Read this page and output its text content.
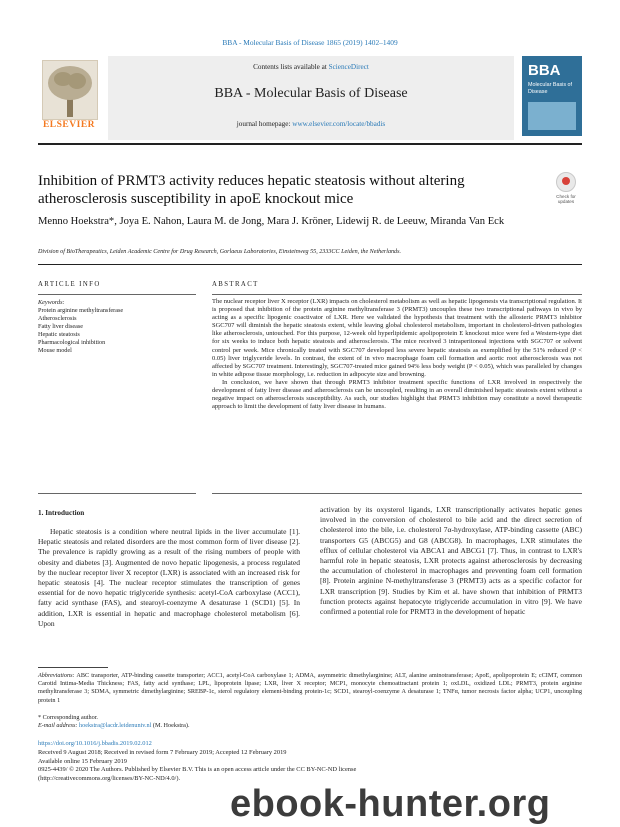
BBA - Molecular Basis of Disease 1865 (2019) 1402–1409
ELSEVIER
Contents lists available at ScienceDirect
BBA - Molecular Basis of Disease
journal homepage: www.elsevier.com/locate/bbadis
BBA
Molecular Basis of Disease
Inhibition of PRMT3 activity reduces hepatic steatosis without altering atherosclerosis susceptibility in apoE knockout mice	Check for updates
Menno Hoekstra*, Joya E. Nahon, Laura M. de Jong, Mara J. Kröner, Lidewij R. de Leeuw, Miranda Van Eck
Division of BioTherapeutics, Leiden Academic Centre for Drug Research, Gorlaeus Laboratories, Einsteinweg 55, 2333CC Leiden, the Netherlands.
ARTICLE INFO	ABSTRACT
Keywords:
Protein arginine methyltransferase
Atherosclerosis
Fatty liver disease
Hepatic steatosis
Pharmacological inhibition
Mouse model

The nuclear receptor liver X receptor (LXR) impacts on cholesterol metabolism as well as hepatic lipogenesis via transcriptional regulation. It is proposed that inhibition of the protein arginine methyltransferase 3 (PRMT3) uncouples these two transcriptional pathways in vivo by acting as a specific lipogenic coactivator of LXR. Here we validated the hypothesis that treatment with the allosteric PRMT3 inhibitor SGC707 will diminish the hepatic steatosis extent, while leaving global cholesterol metabolism, important in cholesterol-driven pathologies like atherosclerosis, untouched. For this purpose, 12-week old hyperlipidemic apolipoprotein E knockout mice were fed a Western-type diet for six weeks to induce both hepatic steatosis and atherosclerosis. The mice received 3 intraperitoneal injections with SGC707 or solvent control per week. Mice chronically treated with SGC707 developed less severe hepatic steatosis as exemplified by the 51% reduced (P < 0.05) liver triglyceride levels. In contrast, the extent of in vivo macrophage foam cell formation and aortic root atherosclerosis was not affected by SGC707 treatment. Interestingly, SGC707-treated mice gained 94% less body weight (P < 0.05), which was paralleled by changes in white adipose tissue morphology, i.e. reduction in adipocyte size and browning.

In conclusion, we have shown that through PRMT3 inhibitor treatment specific functions of LXR involved in respectively the development of fatty liver disease and atherosclerosis can be uncoupled, resulting in an overall diminished hepatic steatosis extent without a negative impact on atherosclerosis susceptibility. As such, our studies highlight that PRMT3 inhibition may constitute a novel therapeutic approach to limit the development of fatty liver disease in humans.

1. Introduction

Hepatic steatosis is a condition where neutral lipids in the liver accumulate [1]. Hepatic steatosis and related disorders are the most common form of liver disease [2]. The prevalence is rapidly growing as a result of the rising numbers of people with obesity and diabetes [3]. Augmented de novo hepatic lipogenesis, a process regulated by the nuclear receptor liver X receptor (LXR) is associated with an increased risk for hepatic steatosis [4]. The nuclear receptor stimulates the transcription of genes essential for de novo hepatic triglyceride synthesis: acetyl-CoA carboxylase (ACC1), fatty acid synthase (FAS), and stearoyl-coenzyme A desaturase 1 (SCD1) [5]. In addition, LXR is essential in hepatic and macrophage cholesterol metabolism [6]. Upon

activation by its oxysterol ligands, LXR transcriptionally activates hepatic genes involved in the conversion of cholesterol to bile acid and the direct secretion of cholesterol into the bile, i.e. cholesterol 7α-hydroxylase, ATP-binding cassette (ABC) transporters G5 (ABCG5) and G8 (ABCG8). In macrophages, LXR stimulates the efflux of cellular cholesterol via ABCA1 and ABCG1 [7]. Thus, in contrast to LXR's harmful role in hepatic steatosis, LXR protects against atherosclerosis by decreasing the accumulation of cholesterol in macrophages and preventing foam cell formation [8]. Protein arginine N-methyltransferase 3 (PRMT3) acts as a specific cofactor for LXR transcription [9]. Studies by Kim et al. have shown that inhibition of PRMT3 function protects against hepatocyte triglyceride accumulation in vitro [9]. We have confirmed a potential role for PRMT3 in the development of hepatic

Abbreviations: ABC transporter, ATP-binding cassette transporter; ACC1, acetyl-CoA carboxylase 1; ADMA, asymmetric dimethylarginine; ALT, alanine aminotransferase; ApoE, apolipoprotein E; cCIMT, common Carotid Intima-Media Thickness; FAS, fatty acid synthase; LPL, lipoprotein lipase; LXR, liver X receptor; MCP1, monocyte chemoattractant protein 1; oxLDL, oxidized LDL; PRMT3, protein arginine methyltransferase 3; SDMA, symmetric dimethylarginine; SREBP-1c, sterol regulatory element-binding protein-1c; SCD1, stearoyl-coenzyme A desaturase 1; TNFα, tumor necrosis factor alpha; UCP1, uncoupling protein 1
* Corresponding author.
E-mail address: hoekstra@lacdr.leidenuniv.nl (M. Hoekstra).
https://doi.org/10.1016/j.bbadis.2019.02.012
Received 9 August 2018; Received in revised form 7 February 2019; Accepted 12 February 2019
Available online 15 February 2019
0925-4439/ © 2020 The Authors. Published by Elsevier B.V. This is an open access article under the CC BY-NC-ND license
(http://creativecommons.org/licenses/BY-NC-ND/4.0/).
ebook-hunter.org
